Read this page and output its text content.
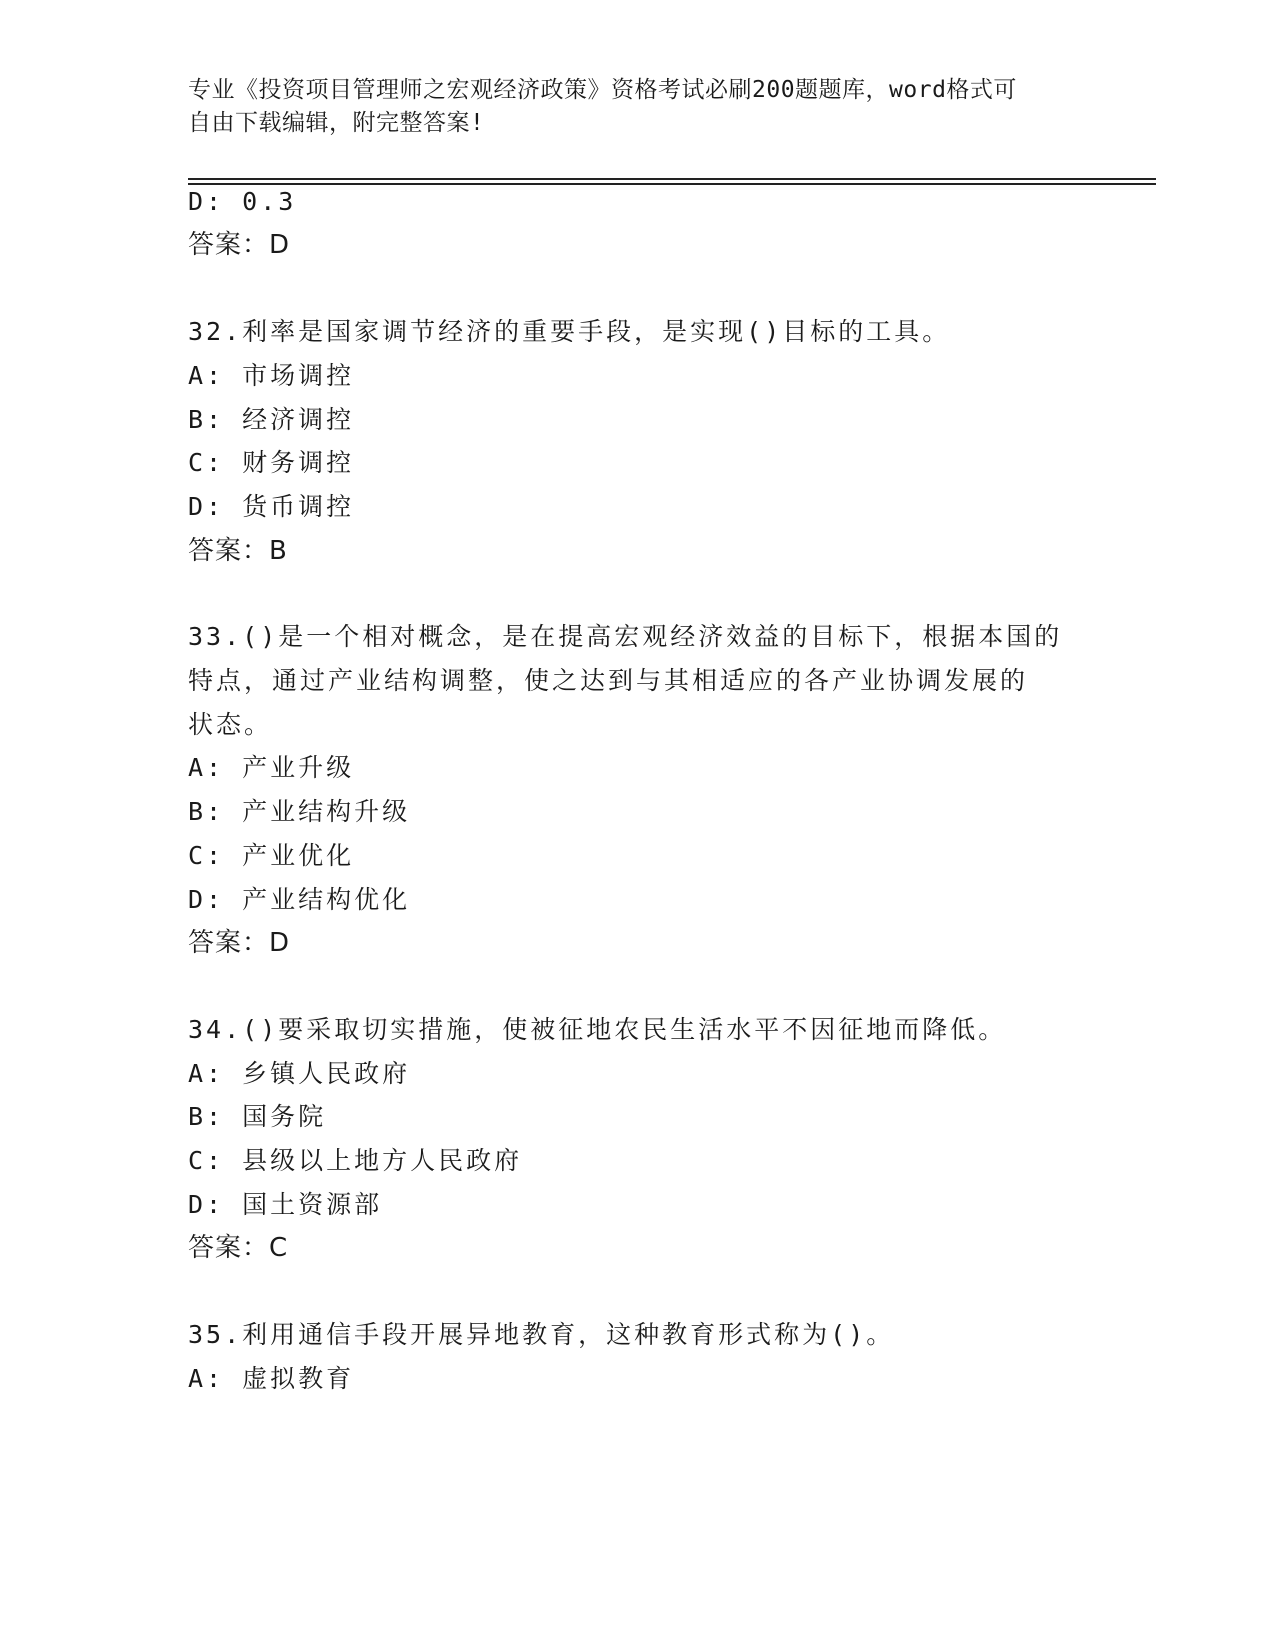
专业《投资项目管理师之宏观经济政策》资格考试必刷200题题库，word格式可
自由下载编辑，附完整答案!
D: 0.3
答案：D
32.利率是国家调节经济的重要手段，是实现()目标的工具。
A: 市场调控
B: 经济调控
C: 财务调控
D: 货币调控
答案：B
33.()是一个相对概念，是在提高宏观经济效益的目标下，根据本国的
特点，通过产业结构调整，使之达到与其相适应的各产业协调发展的
状态。
A: 产业升级
B: 产业结构升级
C: 产业优化
D: 产业结构优化
答案：D
34.()要采取切实措施，使被征地农民生活水平不因征地而降低。
A: 乡镇人民政府
B: 国务院
C: 县级以上地方人民政府
D: 国土资源部
答案：C
35.利用通信手段开展异地教育，这种教育形式称为()。
A: 虚拟教育
